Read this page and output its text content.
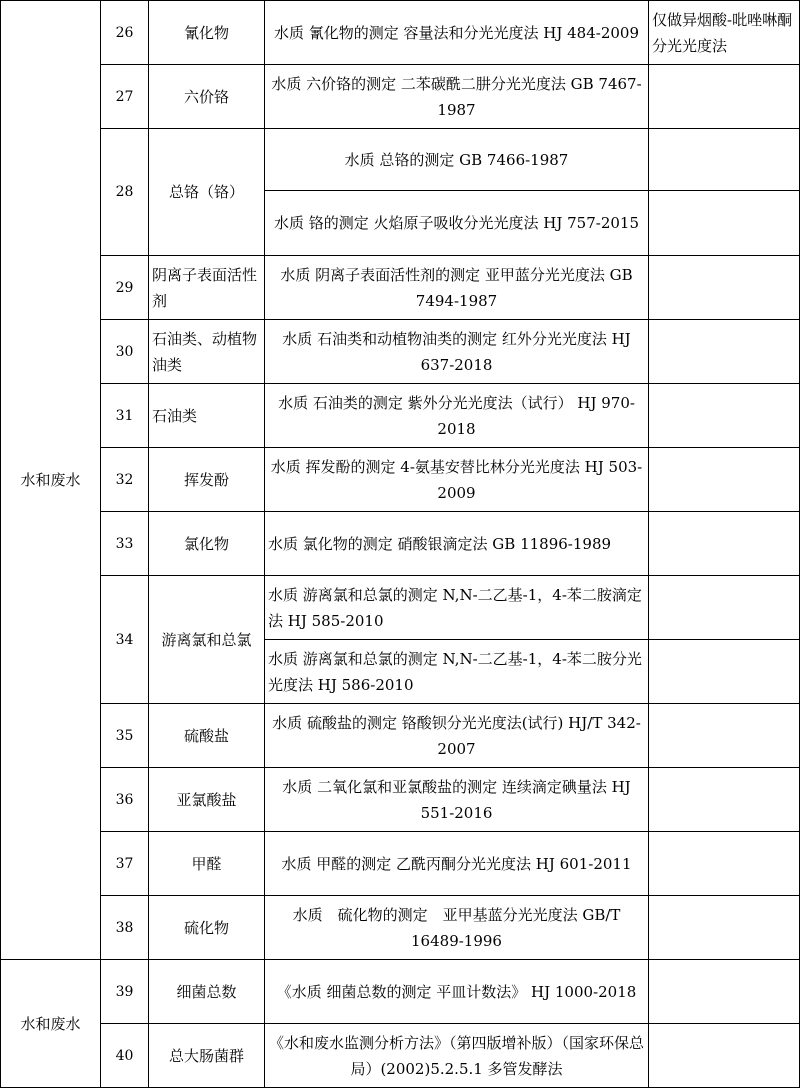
水和废水	26	氰化物	水质 氰化物的测定 容量法和分光光度法 HJ 484-2009	仅做异烟酸-吡唑啉酮分光光度法
	27	六价铬	水质 六价铬的测定 二苯碳酰二肼分光光度法 GB 7467-1987	
	28	总铬（铬）	水质 总铬的测定 GB 7466-1987	
			水质 铬的测定 火焰原子吸收分光光度法 HJ 757-2015	
	29	阴离子表面活性剂	水质 阴离子表面活性剂的测定 亚甲蓝分光光度法 GB 7494-1987	
	30	石油类、动植物油类	水质 石油类和动植物油类的测定 红外分光光度法 HJ 637-2018	
	31	石油类	水质 石油类的测定 紫外分光光度法（试行） HJ 970-2018	
	32	挥发酚	水质 挥发酚的测定 4-氨基安替比林分光光度法 HJ 503-2009	
	33	氯化物	水质 氯化物的测定 硝酸银滴定法 GB 11896-1989	
	34	游离氯和总氯	水质 游离氯和总氯的测定 N,N-二乙基-1，4-苯二胺滴定法 HJ 585-2010	
			水质 游离氯和总氯的测定 N,N-二乙基-1，4-苯二胺分光光度法 HJ 586-2010	
	35	硫酸盐	水质 硫酸盐的测定 铬酸钡分光光度法(试行) HJ/T 342-2007	
	36	亚氯酸盐	水质 二氧化氯和亚氯酸盐的测定 连续滴定碘量法 HJ 551-2016	
	37	甲醛	水质 甲醛的测定 乙酰丙酮分光光度法 HJ 601-2011	
	38	硫化物	水质　硫化物的测定　亚甲基蓝分光光度法 GB/T 16489-1996	
水和废水	39	细菌总数	《水质 细菌总数的测定 平皿计数法》 HJ 1000-2018	
	40	总大肠菌群	《水和废水监测分析方法》（第四版增补版）（国家环保总局）(2002)5.2.5.1 多管发酵法	
